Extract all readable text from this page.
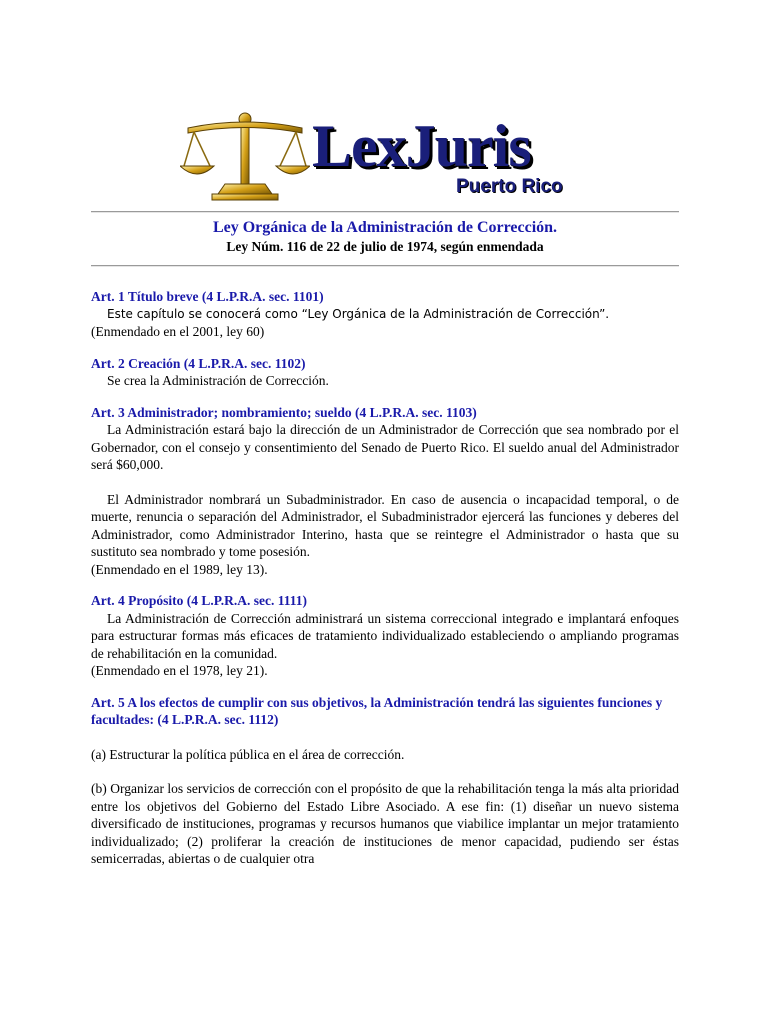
LexJuris
Puerto Rico
Ley Orgánica de la Administración de Corrección.
Ley Núm. 116 de 22 de julio de 1974, según enmendada

Art. 1 Título breve (4 L.P.R.A. sec. 1101)

Este capítulo se conocerá como “Ley Orgánica de la Administración de Corrección”.

(Enmendado en el 2001, ley 60)

Art. 2 Creación (4 L.P.R.A. sec. 1102)

Se crea la Administración de Corrección.

Art. 3 Administrador; nombramiento; sueldo (4 L.P.R.A. sec. 1103)

La Administración estará bajo la dirección de un Administrador de Corrección que sea nombrado por el Gobernador, con el consejo y consentimiento del Senado de Puerto Rico. El sueldo anual del Administrador será $60,000.

El Administrador nombrará un Subadministrador. En caso de ausencia o incapacidad temporal, o de muerte, renuncia o separación del Administrador, el Subadministrador ejercerá las funciones y deberes del Administrador, como Administrador Interino, hasta que se reintegre el Administrador o hasta que su sustituto sea nombrado y tome posesión.

(Enmendado en el 1989, ley 13).

Art. 4 Propósito (4 L.P.R.A. sec. 1111)

La Administración de Corrección administrará un sistema correccional integrado e implantará enfoques para estructurar formas más eficaces de tratamiento individualizado estableciendo o ampliando programas de rehabilitación en la comunidad.

(Enmendado en el 1978, ley 21).

Art. 5 A los efectos de cumplir con sus objetivos, la Administración tendrá las siguientes funciones y facultades: (4 L.P.R.A. sec. 1112)

(a) Estructurar la política pública en el área de corrección.

(b) Organizar los servicios de corrección con el propósito de que la rehabilitación tenga la más alta prioridad entre los objetivos del Gobierno del Estado Libre Asociado. A ese fin: (1) diseñar un nuevo sistema diversificado de instituciones, programas y recursos humanos que viabilice implantar un mejor tratamiento individualizado; (2) proliferar la creación de instituciones de menor capacidad, pudiendo ser éstas semicerradas, abiertas o de cualquier otra
